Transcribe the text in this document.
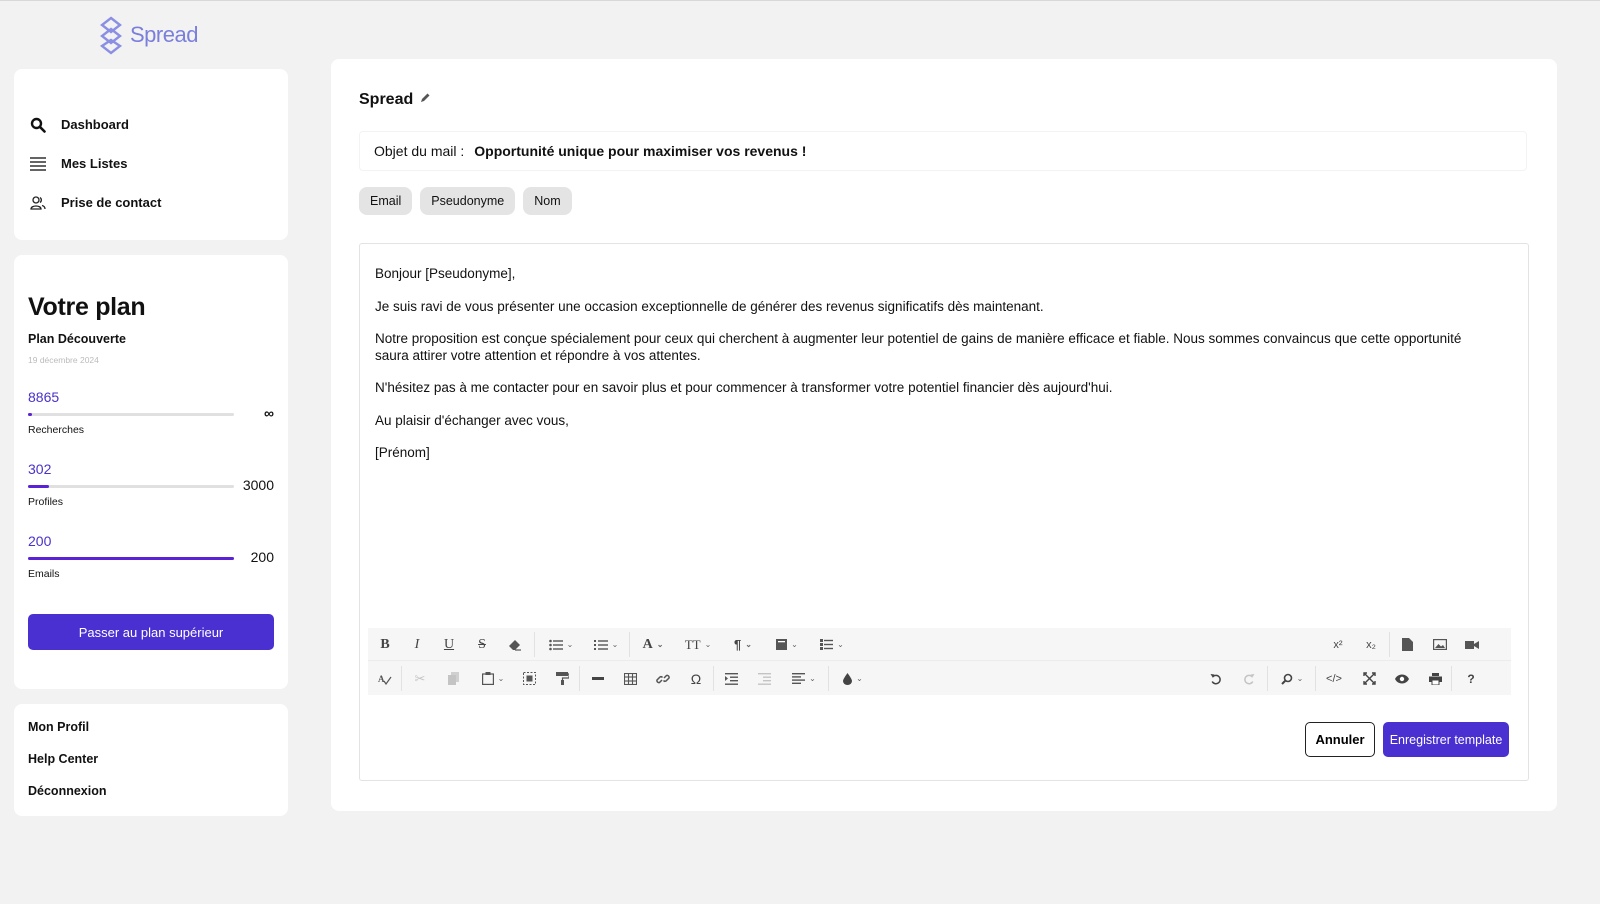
Spread
Dashboard
Mes Listes
Prise de contact
Votre plan
Plan Découverte
19 décembre 2024
8865
∞
Recherches
302
3000
Profiles
200
200
Emails
Passer au plan supérieur
Mon Profil
Help Center
Déconnexion
Spread
Objet du mail : Opportunité unique pour maximiser vos revenus !
Email	Pseudonyme	Nom

Bonjour [Pseudonyme],

Je suis ravi de vous présenter une occasion exceptionnelle de générer des revenus significatifs dès maintenant.

Notre proposition est conçue spécialement pour ceux qui cherchent à augmenter leur potentiel de gains de manière efficace et fiable. Nous sommes convaincus que cette opportunité saura attirer votre attention et répondre à vos attentes.

N'hésitez pas à me contacter pour en savoir plus et pour commencer à transformer votre potentiel financier dès aujourd'hui.

Au plaisir d'échanger avec vous,

[Prénom]

B	I	U	S	⌄	⌄	A ⌄	TT ⌄	¶ ⌄	⌄	⌄	x²	x₂
A	✂	⌄	Ω	⌄	⌄	⌄ </>	?
Annuler	Enregistrer template
